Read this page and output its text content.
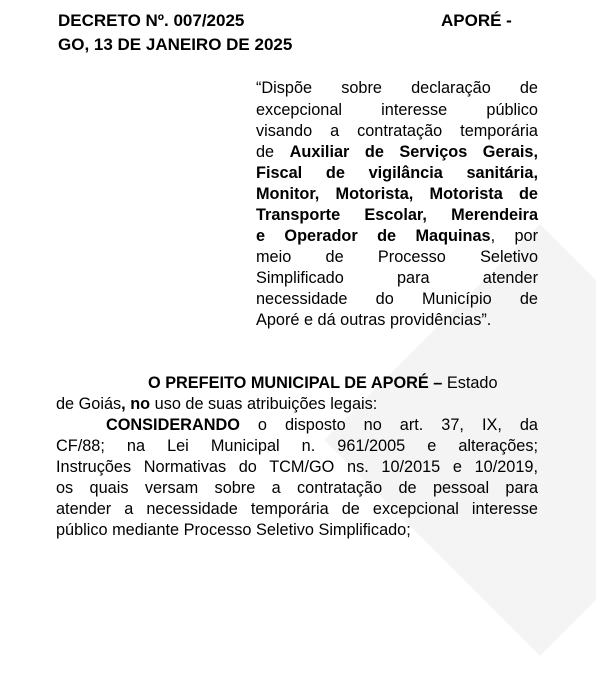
DECRETO Nº. 007/2025	APORÉ -
GO, 13 DE JANEIRO DE 2025
“Dispõe sobre declaração de
excepcional interesse público
visando a contratação temporária
de Auxiliar de Serviços Gerais,
Fiscal de vigilância sanitária,
Monitor, Motorista, Motorista de
Transporte Escolar, Merendeira
e Operador de Maquinas, por
meio de Processo Seletivo
Simplificado para atender
necessidade do Município de
Aporé e dá outras providências”.
O PREFEITO MUNICIPAL DE APORÉ – Estado
de Goiás, no uso de suas atribuições legais:
CONSIDERANDO o disposto no art. 37, IX, da
CF/88; na Lei Municipal n. 961/2005 e alterações;
Instruções Normativas do TCM/GO ns. 10/2015 e 10/2019,
os quais versam sobre a contratação de pessoal para
atender a necessidade temporária de excepcional interesse
público mediante Processo Seletivo Simplificado;
